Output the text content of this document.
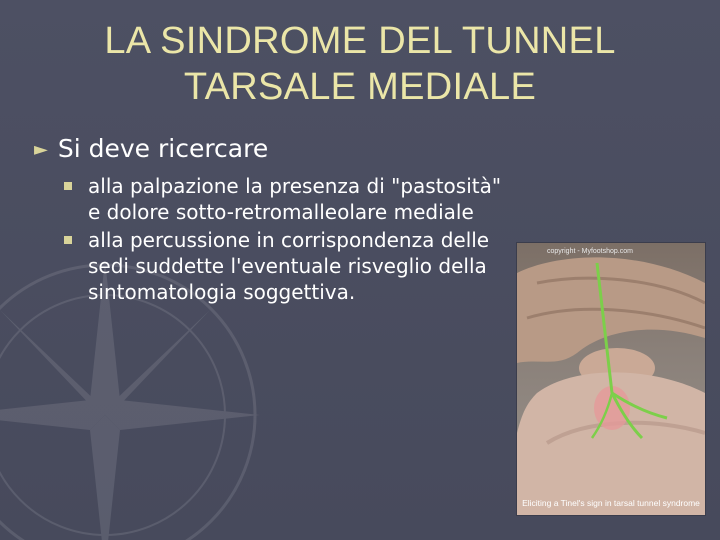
LA SINDROME DEL TUNNEL
TARSALE MEDIALE
► Si deve ricercare
alla palpazione la presenza di "pastosità" e dolore sotto-retromalleolare mediale
alla percussione in corrispondenza delle sedi suddette l'eventuale risveglio della sintomatologia soggettiva.
copyright - Myfootshop.com
Eliciting a Tinel's sign in tarsal tunnel syndrome
